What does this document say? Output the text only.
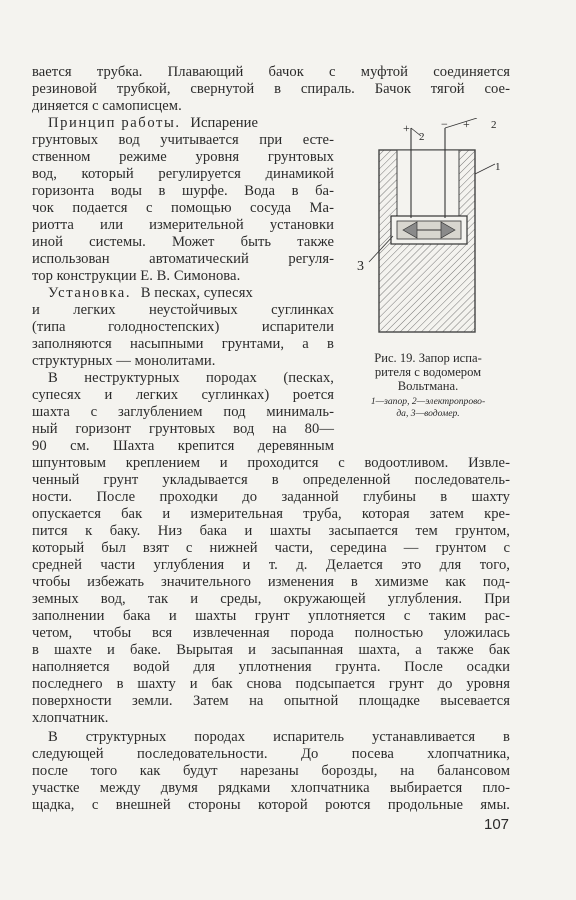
вается трубка. Плавающий бачок с муфтой соединяется
резиновой трубкой, свернутой в спираль. Бачок тягой сое-
диняется с самописцем.
Принцип работы. Испарение
грунтовых вод учитывается при есте-
ственном режиме уровня грунтовых
вод, который регулируется динамикой
горизонта воды в шурфе. Вода в ба-
чок подается с помощью сосуда Ма-
риотта или измерительной установки
иной системы. Может быть также
использован автоматический регуля-
тор конструкции Е. В. Симонова.
Установка. В песках, супесях
и легких неустойчивых суглинках
(типа голодностепских) испарители
заполняются насыпными грунтами, а в
структурных — монолитами.
В неструктурных породах (песках,
супесях и легких суглинках) роется
шахта с заглублением под минималь-
ный горизонт грунтовых вод на 80—
90 см. Шахта крепится деревянным
шпунтовым креплением и проходится с водоотливом. Извле-
ченный грунт укладывается в определенной последователь-
ности. После проходки до заданной глубины в шахту
опускается бак и измерительная труба, которая затем кре-
пится к баку. Низ бака и шахты засыпается тем грунтом,
который был взят с нижней части, середина — грунтом с
средней части углубления и т. д. Делается это для того,
чтобы избежать значительного изменения в химизме как под-
земных вод, так и среды, окружающей углубления. При
заполнении бака и шахты грунт уплотняется с таким рас-
четом, чтобы вся извлеченная порода полностью уложилась
в шахте и баке. Вырытая и засыпанная шахта, а также бак
наполняется водой для уплотнения грунта. После осадки
последнего в шахту и бак снова подсыпается грунт до уровня
поверхности земли. Затем на опытной площадке высевается
хлопчатник.
В структурных породах испаритель устанавливается в
следующей последовательности. До посева хлопчатника,
после того как будут нарезаны борозды, на балансовом
участке между двумя рядками хлопчатника выбирается пло-
щадка, с внешней стороны которой роются продольные ямы.
+
2
− + 2
1
3
Рис. 19. Запор испа-
рителя с водомером
Вольтмана.
1—запор, 2—электропрово-
да, 3—водомер.
107
